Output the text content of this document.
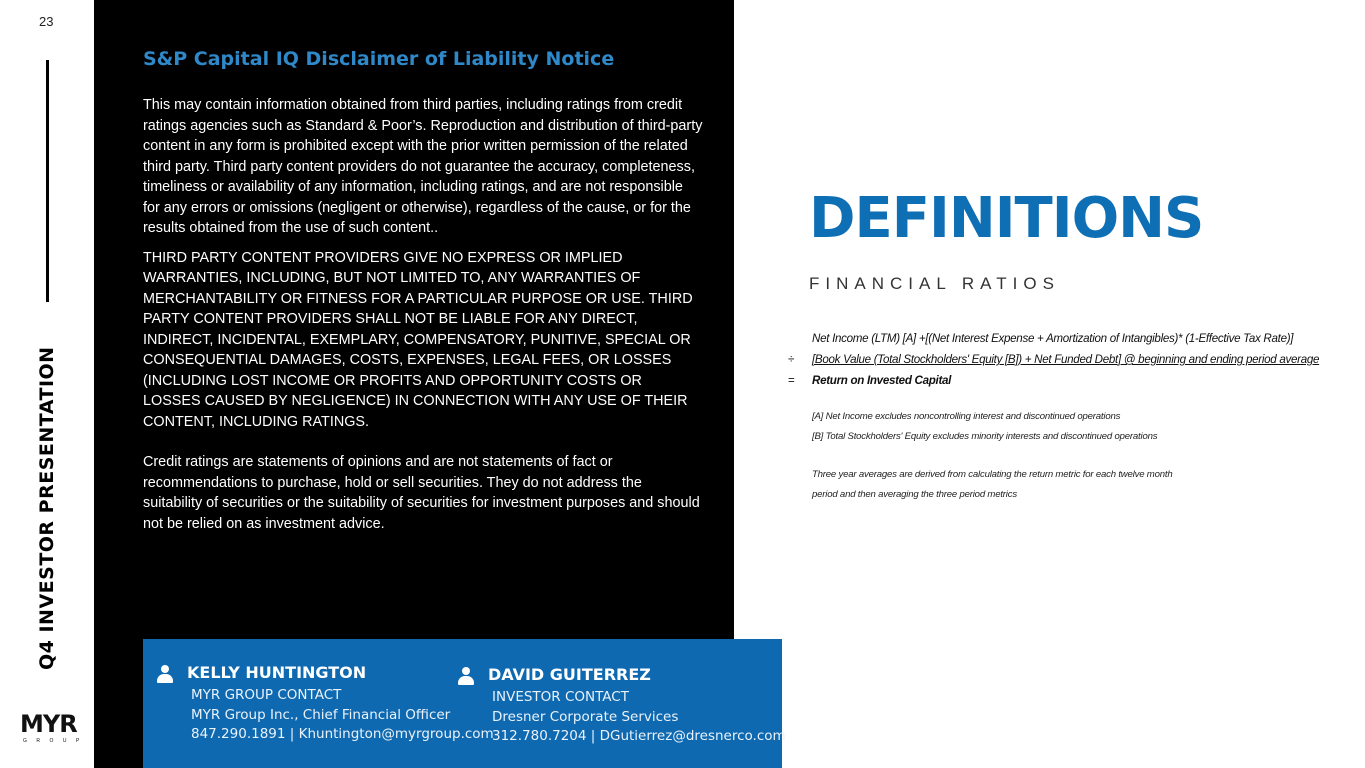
23
Q4 INVESTOR PRESENTATION
MYR
GROUP
S&P Capital IQ Disclaimer of Liability Notice

This may contain information obtained from third parties, including ratings from credit ratings agencies such as Standard & Poor’s. Reproduction and distribution of third-party content in any form is prohibited except with the prior written permission of the related third party. Third party content providers do not guarantee the accuracy, completeness, timeliness or availability of any information, including ratings, and are not responsible for any errors or omissions (negligent or otherwise), regardless of the cause, or for the results obtained from the use of such content..

THIRD PARTY CONTENT PROVIDERS GIVE NO EXPRESS OR IMPLIED WARRANTIES, INCLUDING, BUT NOT LIMITED TO, ANY WARRANTIES OF MERCHANTABILITY OR FITNESS FOR A PARTICULAR PURPOSE OR USE. THIRD PARTY CONTENT PROVIDERS SHALL NOT BE LIABLE FOR ANY DIRECT, INDIRECT, INCIDENTAL, EXEMPLARY, COMPENSATORY, PUNITIVE, SPECIAL OR CONSEQUENTIAL DAMAGES, COSTS, EXPENSES, LEGAL FEES, OR LOSSES (INCLUDING LOST INCOME OR PROFITS AND OPPORTUNITY COSTS OR LOSSES CAUSED BY NEGLIGENCE) IN CONNECTION WITH ANY USE OF THEIR CONTENT, INCLUDING RATINGS.

Credit ratings are statements of opinions and are not statements of fact or recommendations to purchase, hold or sell securities. They do not address the suitability of securities or the suitability of securities for investment purposes and should not be relied on as investment advice.

KELLY HUNTINGTON
MYR GROUP CONTACT
MYR Group Inc., Chief Financial Officer
847.290.1891 | Khuntington@myrgroup.com
DAVID GUITERREZ
INVESTOR CONTACT
Dresner Corporate Services
312.780.7204 | DGutierrez@dresnerco.com
DEFINITIONS
FINANCIAL RATIOS
Net Income (LTM) [A] +[(Net Interest Expense + Amortization of Intangibles)* (1-Effective Tax Rate)]
÷	[Book Value (Total Stockholders' Equity [B]) + Net Funded Debt] @ beginning and ending period average
=	Return on Invested Capital
[A] Net Income excludes noncontrolling interest and discontinued operations
[B] Total Stockholders' Equity excludes minority interests and discontinued operations
Three year averages are derived from calculating the return metric for each twelve month
period and then averaging the three period metrics
